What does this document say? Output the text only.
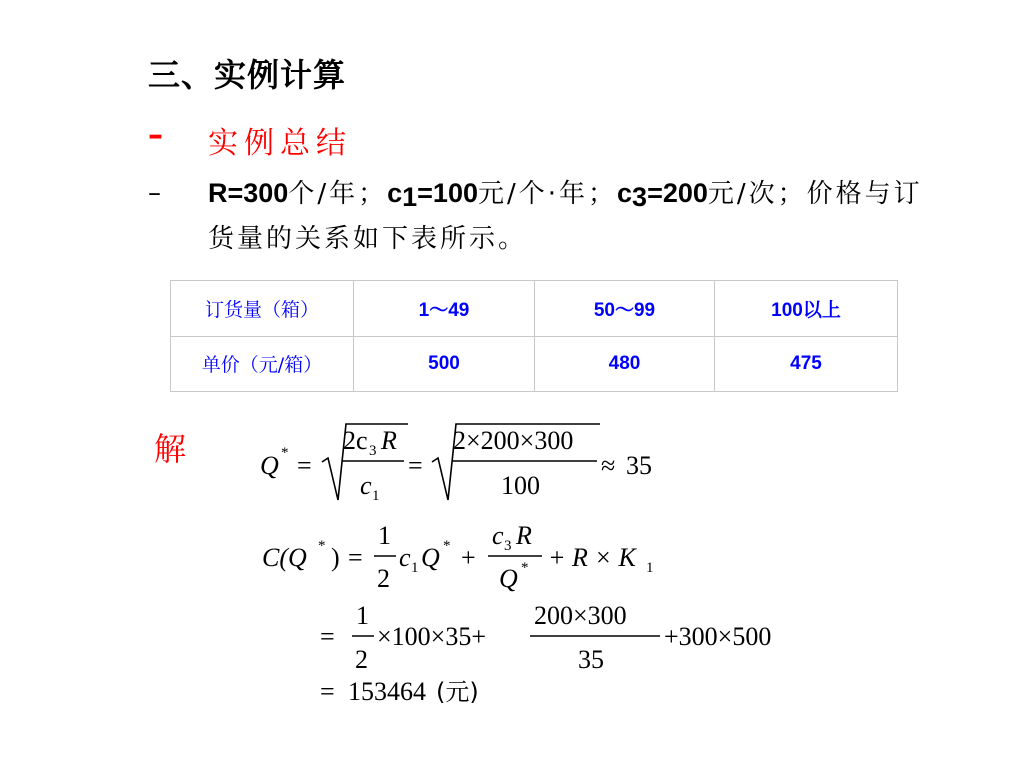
三、实例计算
– 实例总结
– R=300个/年；$c_1=100$元/个·年；$c_3=200$元/次；价格与订货量的关系如下表所示。
订货量（箱）	1～49	50～99	100以上
单价（元/箱）	500	480	475
解	Q * =
2c 3 R
c 1
=
2×200×300
100
≈ 35
C(Q * ) =
1
2
c 1 Q * +
c 3 R
Q * + R × K 1
=
1
2
×100×35+
200×300
35
+300×500
= 153464 (元)
